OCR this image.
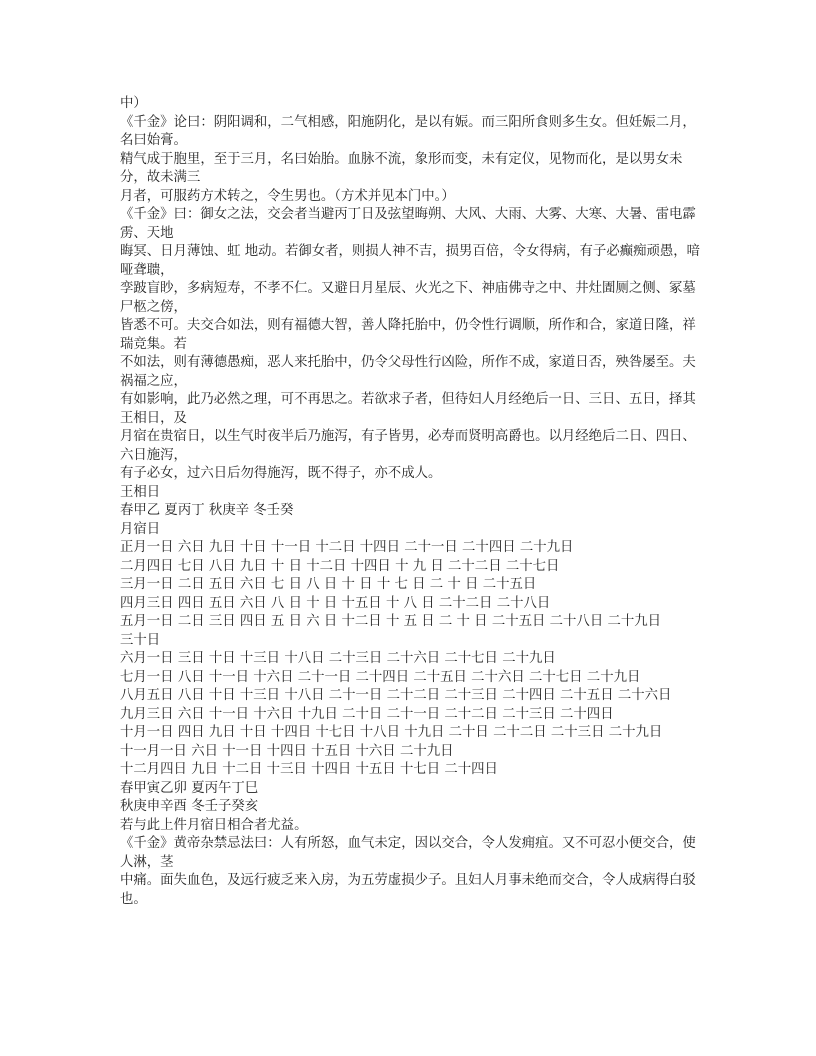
中）

《千金》论曰：阴阳调和，二气相感，阳施阴化，是以有娠。而三阳所食则多生女。但妊娠二月，名曰始膏。

精气成于胞里，至于三月，名曰始胎。血脉不流，象形而变，未有定仪，见物而化，是以男女未分，故未满三

月者，可服药方术转之，令生男也。（方术并见本门中。）

《千金》曰：御女之法，交会者当避丙丁日及弦望晦朔、大风、大雨、大雾、大寒、大暑、雷电霹雳、天地

晦冥、日月薄蚀、虹 地动。若御女者，则损人神不吉，损男百倍，令女得病，有子必癫痴顽愚，喑哑聋聩，

孪跛盲眇，多病短寿，不孝不仁。又避日月星辰、火光之下、神庙佛寺之中、井灶圊厕之侧、冢墓尸柩之傍，

皆悉不可。夫交合如法，则有福德大智，善人降托胎中，仍令性行调顺，所作和合，家道日隆，祥瑞竞集。若

不如法，则有薄德愚痴，恶人来托胎中，仍令父母性行凶险，所作不成，家道日否，殃咎屡至。夫祸福之应，

有如影响，此乃必然之理，可不再思之。若欲求子者，但待妇人月经绝后一日、三日、五日，择其王相日，及

月宿在贵宿日，以生气时夜半后乃施泻，有子皆男，必寿而贤明高爵也。以月经绝后二日、四日、六日施泻，

有子必女，过六日后勿得施泻，既不得子，亦不成人。

王相日

春甲乙 夏丙丁 秋庚辛 冬壬癸

月宿日

正月一日 六日 九日 十日 十一日 十二日 十四日 二十一日 二十四日 二十九日

二月四日 七日 八日 九日 十 日 十二日 十四日 十 九 日 二十二日 二十七日

三月一日 二日 五日 六日 七 日 八 日 十 日 十 七 日 二 十 日 二十五日

四月三日 四日 五日 六日 八 日 十 日 十五日 十 八 日 二十二日 二十八日

五月一日 二日 三日 四日 五 日 六 日 十二日 十 五 日 二 十 日 二十五日 二十八日 二十九日

三十日

六月一日 三日 十日 十三日 十八日 二十三日 二十六日 二十七日 二十九日

七月一日 八日 十一日 十六日 二十一日 二十四日 二十五日 二十六日 二十七日 二十九日

八月五日 八日 十日 十三日 十八日 二十一日 二十二日 二十三日 二十四日 二十五日 二十六日

九月三日 六日 十一日 十六日 十九日 二十日 二十一日 二十二日 二十三日 二十四日

十月一日 四日 九日 十日 十四日 十七日 十八日 十九日 二十日 二十二日 二十三日 二十九日

十一月一日 六日 十一日 十四日 十五日 十六日 二十九日

十二月四日 九日 十二日 十三日 十四日 十五日 十七日 二十四日

春甲寅乙卯 夏丙午丁巳

秋庚申辛酉 冬壬子癸亥

若与此上件月宿日相合者尤益。

《千金》黄帝杂禁忌法曰：人有所怒，血气未定，因以交合，令人发痈疽。又不可忍小便交合，使人淋，茎

中痛。面失血色，及远行疲乏来入房，为五劳虚损少子。且妇人月事未绝而交合，令人成病得白驳也。
